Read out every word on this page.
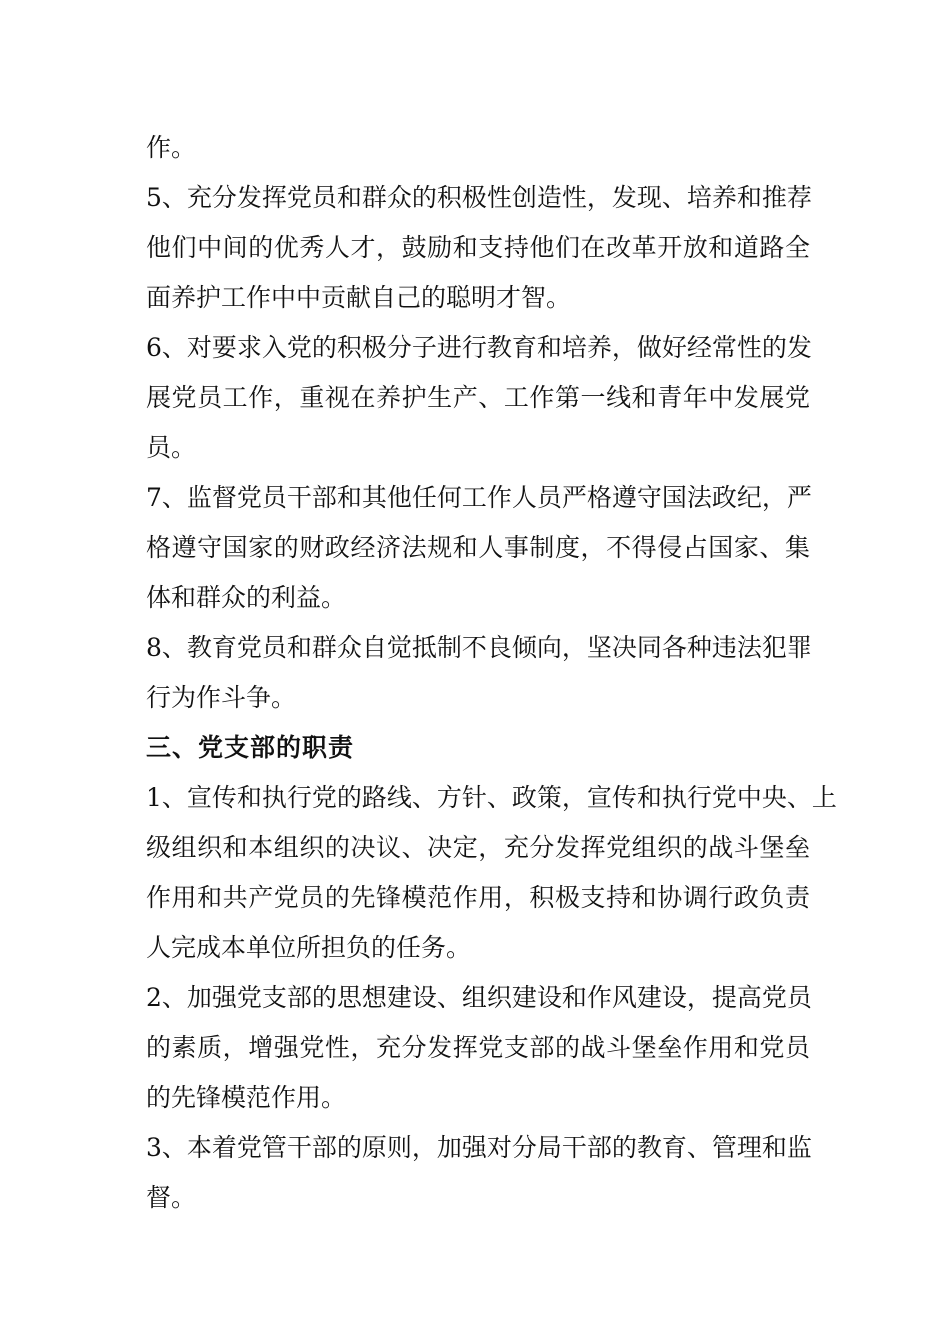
作。
5、充分发挥党员和群众的积极性创造性，发现、培养和推荐
他们中间的优秀人才，鼓励和支持他们在改革开放和道路全
面养护工作中中贡献自己的聪明才智。
6、对要求入党的积极分子进行教育和培养，做好经常性的发
展党员工作，重视在养护生产、工作第一线和青年中发展党
员。
7、监督党员干部和其他任何工作人员严格遵守国法政纪，严
格遵守国家的财政经济法规和人事制度，不得侵占国家、集
体和群众的利益。
8、教育党员和群众自觉抵制不良倾向，坚决同各种违法犯罪
行为作斗争。
三、党支部的职责
1、宣传和执行党的路线、方针、政策，宣传和执行党中央、上
级组织和本组织的决议、决定，充分发挥党组织的战斗堡垒
作用和共产党员的先锋模范作用，积极支持和协调行政负责
人完成本单位所担负的任务。
2、加强党支部的思想建设、组织建设和作风建设，提高党员
的素质，增强党性，充分发挥党支部的战斗堡垒作用和党员
的先锋模范作用。
3、本着党管干部的原则，加强对分局干部的教育、管理和监
督。
